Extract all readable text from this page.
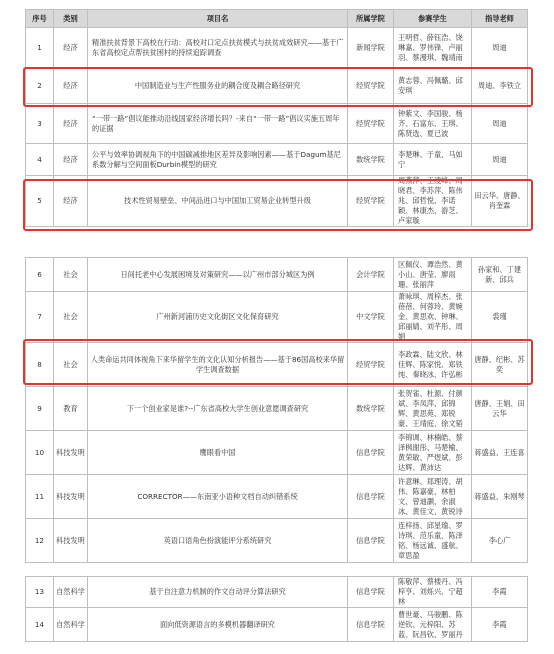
序号	类别	项目名	所属学院	参赛学生	指导老师
1	经济	精准扶贫背景下高校在行动：高校对口定点扶贫模式与扶贫成效研究——基于广东省高校定点帮扶贫困村的持续追踪调查	新闻学院	王明哲、薛钰浩、饶琳嘉、罗伟锋、卢丽羽、蔡漫琪、魏靖南	周迪
2	经济	中国制造业与生产性服务业的耦合度及耦合路径研究	经贸学院	黄志蓉、冯佩璐、邱安琪	周迪、李铁立
3	经济	“一带一路”倡议能推动沿线国家经济增长吗？-来自“一带一路”倡议实施五周年的证据	经贸学院	钟紫文、李国骏、杨齐、石富东、王琪、陈贤选、夏已波	周迪
4	经济	公平与效率协调视角下的中国碳减排地区差异及影响因素——基于Dagum基尼系数分解与空间面板Durbin模型的研究	数统学院	李楚琳、于童、马如宁	周迪
5	经济	技术性贸易壁垒、中间品进口与中国加工贸易企业转型升级	经贸学院	周燕萍、王凌峰、周晓君、李苏萍、陈伟兆、邱哲悦、李诺颖、林康杰、游芝、卢家璇	田云华、唐静、肖奎霖
6	社会	日间托老中心发展困境及对策研究——以广州市部分城区为例	会计学院	区佩仪、谭浩然、黄小山、唐莹、廖雨珊、张丽萍	孙家和、丁建新、邱兵
7	社会	广州新河浦历史文化街区文化保育研究	中文学院	萧咏琪、周梓杰、张蓓蓓、何蓉玲、黄婉金、黄思欢、钟琳、邱丽婧、刘芊彤、周娟	裘瑾
8	社会	人类命运共同体视角下来华留学生的文化认知分析报告——基于86国高校来华留学生调查数据	经贸学院	李政霖、陆文欣、林佳辉、陈家悦、郑铁纯、秦晓冰、许弘彬	唐静、纪彬、苏奕
9	教育	下一个创业家是谁?--广东省高校大学生创业意愿调查研究	数统学院	张贺雀、杜源、付颜斌、李凤萍、邱锦辉、黄思苑、郑锐豪、王靖庭、徐文韬	唐静、王娟、田云华
10	科技发明	鹰眼看中国	信息学院	李锦调、林楠皓、蔡泽枫谢彤、马楚榆、黄荣敏、严煜斌、彭达辉、黄沛达	蒋盛益、王连喜
11	科技发明	CORRECTOR——东南亚小语种文档自动纠错系统	信息学院	许意琳、郑理涛、胡伟、陈嘉豪、林柏文、曾迪灏、余淑冰、黄佳文、黄锐诗	蒋盛益、朱刚琴
12	科技发明	英语口语角色扮演能评分系统研究	信息学院	连梓扬、邱星瑜、罗诗琪、范乐童、陈泽铭、杨远诚、盛航、章思盈	李心广
13	自然科学	基于自注意力机制的作文自动评分算法研究	信息学院	陈敬萍、蔡楼丹、冯梓亨、刘烁兴、宁超林	李霞
14	自然科学	面向低资源语言的多模机器翻译研究	信息学院	曹世豪、马骏鹏、陈逆钦、元梓阳、苏蓝、阮昌钦、罗丽丹	李霞
